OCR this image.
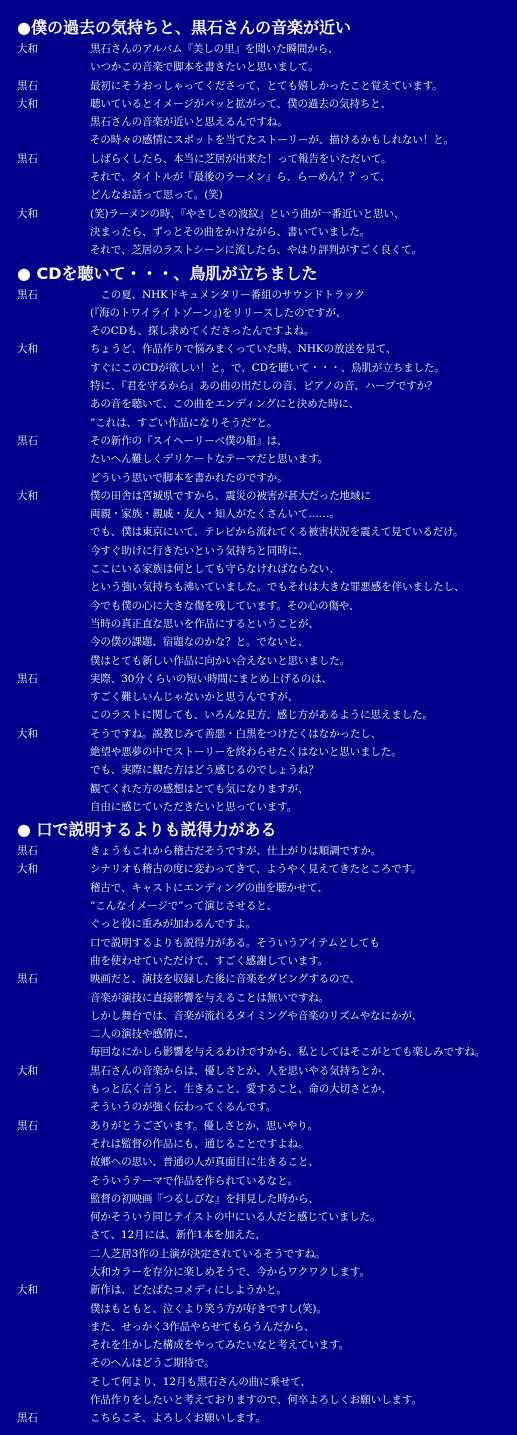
●僕の過去の気持ちと、黒石さんの音楽が近い
大和	黒石さんのアルバム『美しの里』を聞いた瞬間から、
いつかこの音楽で脚本を書きたいと思いまして。
黒石	最初にそうおっしゃってくださって、とても嬉しかったこと覚えています。
大和	聴いているとイメージがパッと拡がって、僕の過去の気持ちと、
黒石さんの音楽が近いと思えるんですね。
その時々の感情にスポットを当てたストーリーが、描けるかもしれない！と。
黒石	しばらくしたら、本当に芝居が出来た！って報告をいただいて。
それで、タイトルが『最後のラーメン』ら、らーめん？？って、
どんなお話って思って。(笑)
大和	(笑)ラーメンの時、『やさしさの波紋』という曲が一番近いと思い、
決まったら、ずっとその曲をかけながら、書いていました。
それで、芝居のラストシーンに流したら、やはり評判がすごく良くて。
● CDを聴いて・・・、鳥肌が立ちました
黒石	　この夏、NHKドキュメンタリー番組のサウンドトラック
(『海のトワイライトゾーン』)をリリースしたのですが、
そのCDも、探し求めてくださったんですよね。
大和	ちょうど、作品作りで悩みまくっていた時、NHKの放送を見て、
すぐにこのCDが欲しい！と。で、CDを聴いて・・・、鳥肌が立ちました。
特に、『君を守るから』あの曲の出だしの音、ピアノの音、ハープですか？
あの音を聴いて、この曲をエンディングにと決めた時に、
”これは、すごい作品になりそうだ”と。
黒石	その新作の『スイヘーリーベ僕の船』は、
たいへん難しくデリケートなテーマだと思います。
どういう思いで脚本を書かれたのですか。
大和	僕の田舎は宮城県ですから、震災の被害が甚大だった地域に
両親・家族・親戚・友人・知人がたくさんいて……。
でも、僕は東京にいて、テレビから流れてくる被害状況を震えて見ているだけ。
今すぐ助けに行きたいという気持ちと同時に、
ここにいる家族は何としても守らなければならない、
という強い気持ちも沸いていました。でもそれは大きな罪悪感を伴いましたし、
今でも僕の心に大きな傷を残しています。その心の傷や、
当時の真正直な思いを作品にするということが、
今の僕の課題、宿題なのかな？と。でないと、
僕はとても新しい作品に向かい合えないと思いました。
黒石	実際、30分くらいの短い時間にまとめ上げるのは、
すごく難しいんじゃないかと思うんですが、
このラストに関しても、いろんな見方、感じ方があるように思えました。
大和	そうですね。説教じみて善悪・白黒をつけたくはなかったし、
絶望や悪夢の中でストーリーを終わらせたくはないと思いました。
でも、実際に観た方はどう感じるのでしょうね？
観てくれた方の感想はとても気になりますが、
自由に感じていただきたいと思っています。
● 口で説明するよりも説得力がある
黒石	きょうもこれから稽古だそうですが、仕上がりは順調ですか。
大和	シナリオも稽古の度に変わってきて、ようやく見えてきたところです。
稽古で、キャストにエンディングの曲を聴かせて、
”こんなイメージで”って演じさせると、
ぐっと役に重みが加わるんですよ。
口で説明するよりも説得力がある。そういうアイテムとしても
曲を使わせていただけて、すごく感謝しています。
黒石	映画だと、演技を収録した後に音楽をダビングするので、
音楽が演技に直接影響を与えることは無いですね。
しかし舞台では、音楽が流れるタイミングや音楽のリズムやなにかが、
二人の演技や感情に、
毎回なにかしら影響を与えるわけですから、私としてはそこがとても楽しみですね。
大和	黒石さんの音楽からは、優しさとか、人を思いやる気持ちとか、
もっと広く言うと、生きること、愛すること、命の大切さとか、
そういうのが強く伝わってくるんです。
黒石	ありがとうございます。優しさとか、思いやり。
それは監督の作品にも、通じることですよね。
故郷への思い、普通の人が真面目に生きること、
そういうテーマで作品を作られているなと。
監督の初映画『つるしびな』を拝見した時から、
何かそういう同じテイストの中にいる人だと感じていました。
さて、12月には、新作1本を加えた、
二人芝居3作の上演が決定されているそうですね。
大和カラーを存分に楽しめそうで、今からワクワクします。
大和	新作は、どたばたコメディにしようかと。
僕はもともと、泣くより笑う方が好きですし(笑)。
また、せっかく3作品やらせてもらうんだから、
それを生かした構成をやってみたいなと考えています。
そのへんはどうご期待で。
そして何より、12月も黒石さんの曲に乗せて、
作品作りをしたいと考えておりますので、何卒よろしくお願いします。
黒石	こちらこそ、よろしくお願いします。
